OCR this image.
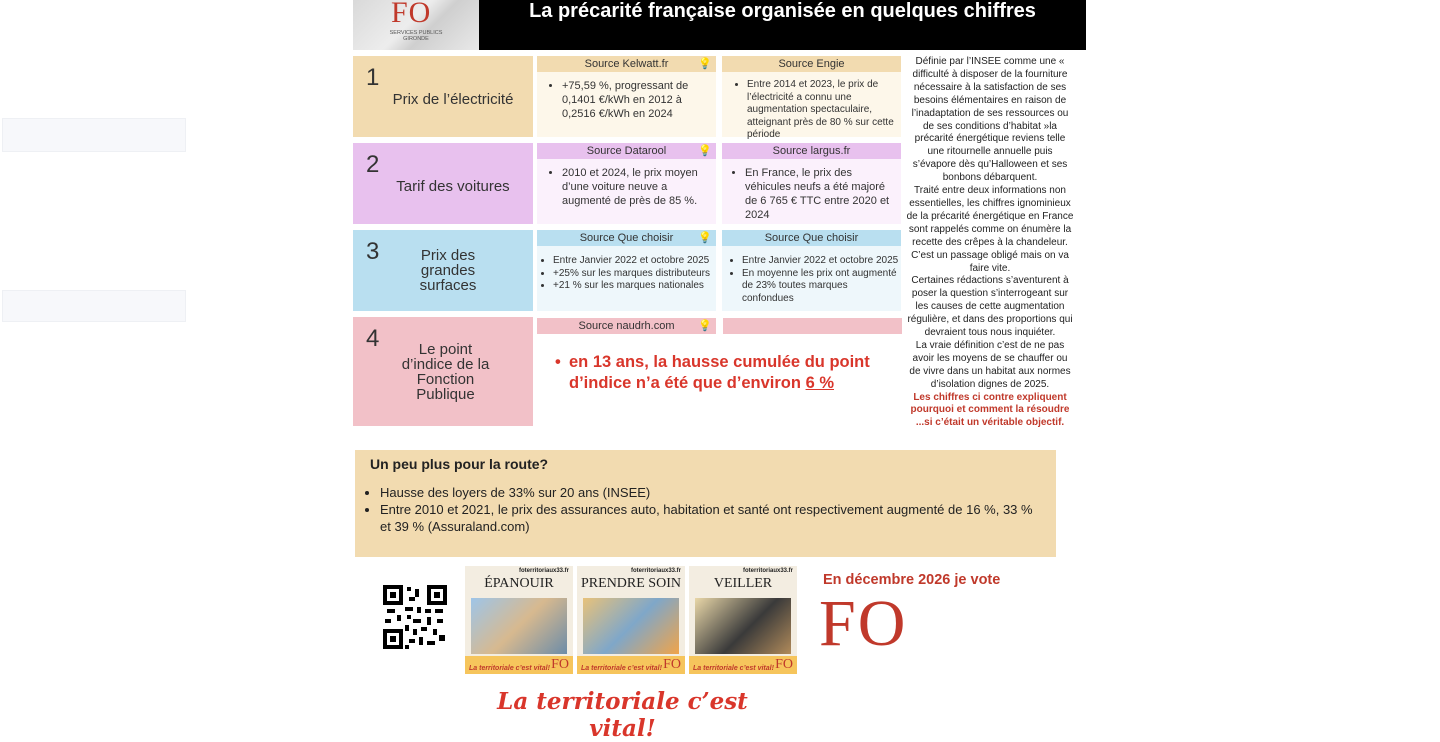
FO
SERVICES PUBLICS GIRONDE
La précarité française organisée en quelques chiffres
1
Prix de l’électricité
Source Kelwatt.fr	💡
• +75,59 %, progressant de 0,1401 €/kWh en 2012 à 0,2516 €/kWh en 2024
Source Engie
• Entre 2014 et 2023, le prix de l’électricité a connu une augmentation spectaculaire, atteignant près de 80 % sur cette période
2
Tarif des voitures
Source Datarool	💡
• 2010 et 2024, le prix moyen d’une voiture neuve a augmenté de près de 85 %.
Source largus.fr
• En France, le prix des véhicules neufs a été majoré de 6 765 € TTC entre 2020 et 2024
3	Prix des grandes surfaces
Source Que choisir 💡
• Entre Janvier 2022 et octobre 2025
• +25% sur les marques distributeurs
• +21 % sur les marques nationales
Source Que choisir
• Entre Janvier 2022 et octobre 2025
• En moyenne les prix ont augmenté de 23% toutes marques confondues
4	Le point d’indice de la Fonction Publique
Source naudrh.com 💡
• en 13 ans, la hausse cumulée du point d’indice n’a été que d’environ 6 %
Définie par l’INSEE comme une « difficulté à disposer de la fourniture nécessaire à la satisfaction de ses besoins élémentaires en raison de l’inadaptation de ses ressources ou de ses conditions d’habitat »la précarité énergétique reviens telle une ritournelle annuelle puis s’évapore dès qu’Halloween et ses bonbons débarquent.
Traité entre deux informations non essentielles, les chiffres ignominieux de la précarité énergétique en France sont rappelés comme on énumère la recette des crêpes à la chandeleur. C’est un passage obligé mais on va faire vite.
Certaines rédactions s’aventurent à poser la question s’interrogeant sur les causes de cette augmentation régulière, et dans des proportions qui devraient tous nous inquiéter.
La vraie définition c’est de ne pas avoir les moyens de se chauffer ou de vivre dans un habitat aux normes d’isolation dignes de 2025.
Les chiffres ci contre expliquent pourquoi et comment la résoudre ...si c’était un véritable objectif.
Un peu plus pour la route?
• Hausse des loyers de 33% sur 20 ans (INSEE)
• Entre 2010 et 2021, le prix des assurances auto, habitation et santé ont respectivement augmenté de 16 %, 33 % et 39 % (Assuraland.com)
foterritoriaux33.fr
ÉPANOUIR
La territoriale c’est vital! FO
foterritoriaux33.fr
PRENDRE SOIN
La territoriale c’est vital! FO
foterritoriaux33.fr
VEILLER
La territoriale c’est vital! FO
En décembre 2026 je vote
FO
La territoriale c’est vital!
